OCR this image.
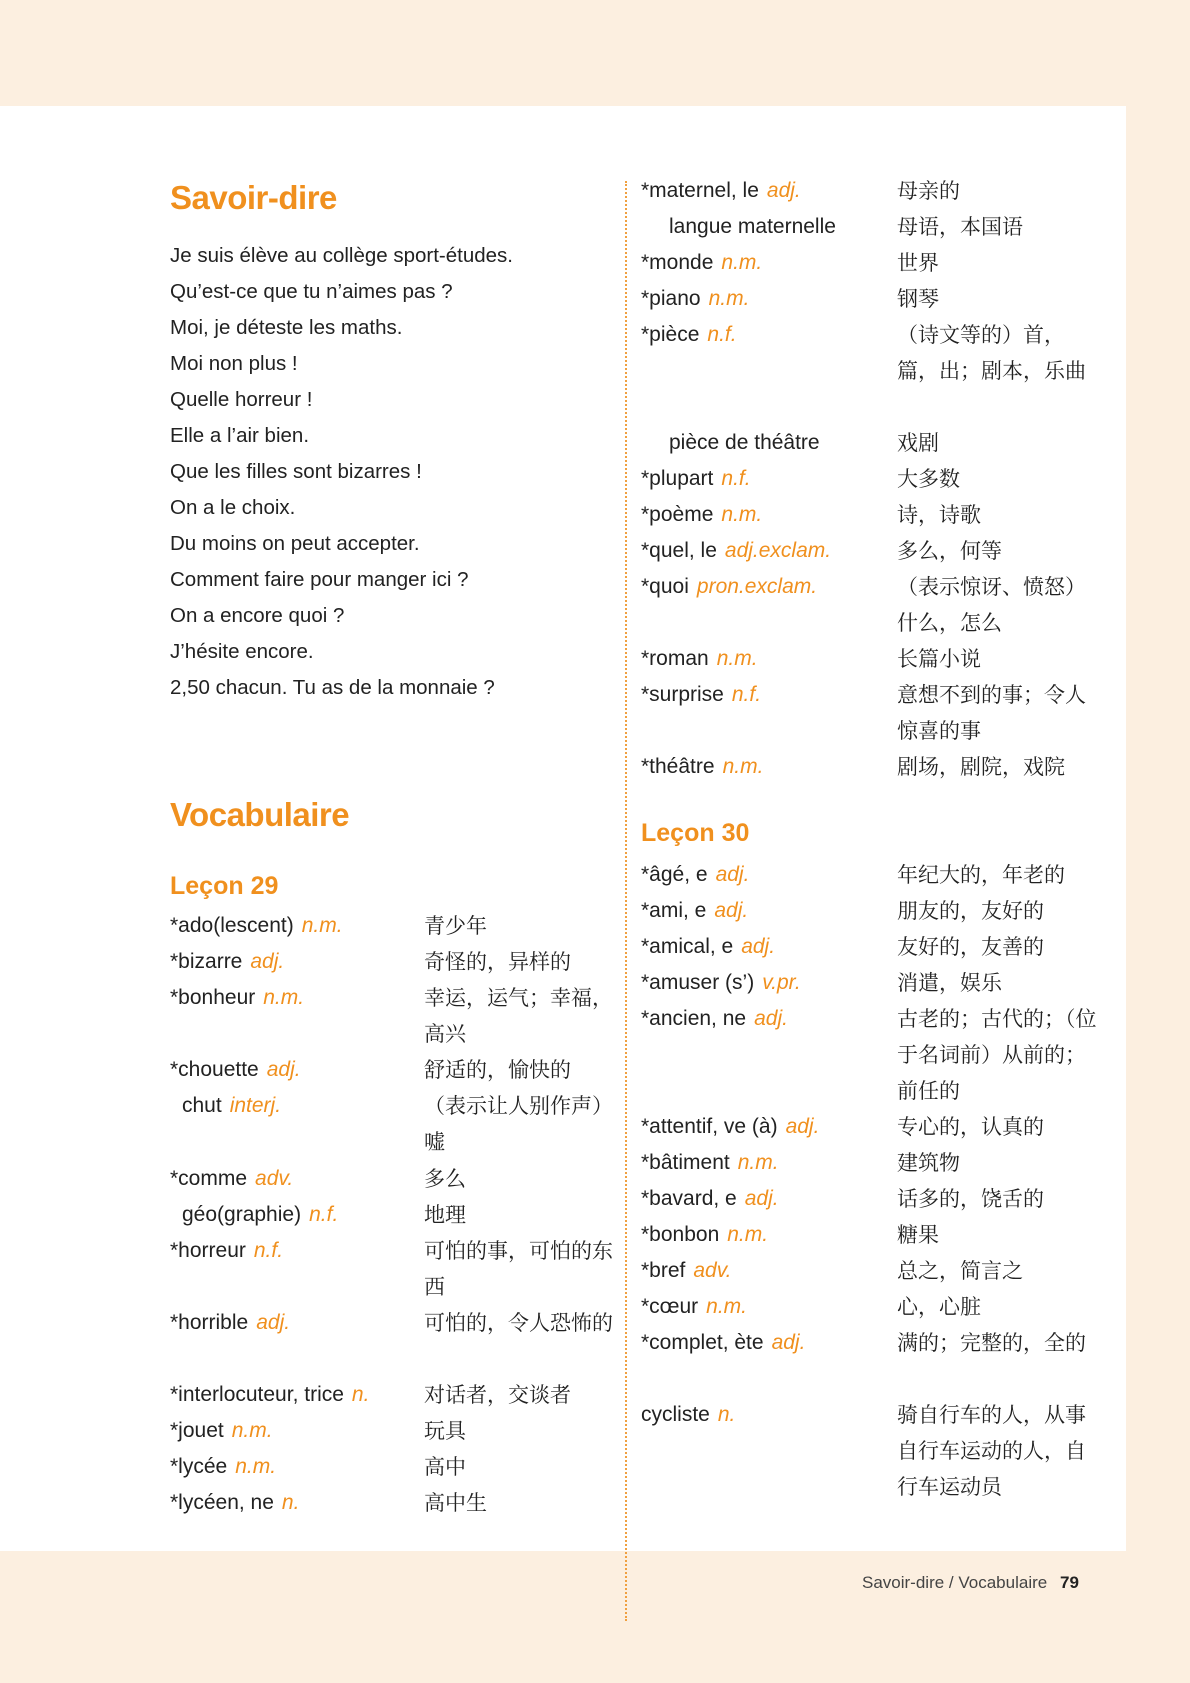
Savoir-dire
Je suis élève au collège sport-études.
Qu’est-ce que tu n’aimes pas ?
Moi, je déteste les maths.
Moi non plus !
Quelle horreur !
Elle a l’air bien.
Que les filles sont bizarres !
On a le choix.
Du moins on peut accepter.
Comment faire pour manger ici ?
On a encore quoi ?
J’hésite encore.
2,50 chacun. Tu as de la monnaie ?
Vocabulaire
Leçon 29
*ado(lescent) n.m.	青少年
*bizarre adj.	奇怪的，异样的
*bonheur n.m.	幸运，运气；幸福，高兴
*chouette adj.	舒适的，愉快的
chut interj.	（表示让人别作声）嘘
*comme adv.	多么
géo(graphie) n.f.	地理
*horreur n.f.	可怕的事，可怕的东西
*horrible adj.	可怕的，令人恐怖的
*interlocuteur, trice n.	对话者，交谈者
*jouet n.m.	玩具
*lycée n.m.	高中
*lycéen, ne n.	高中生
*maternel, le adj.	母亲的
langue maternelle	母语，本国语
*monde n.m.	世界
*piano n.m.	钢琴
*pièce n.f.	（诗文等的）首，篇，出；剧本，乐曲
pièce de théâtre	戏剧
*plupart n.f.	大多数
*poème n.m.	诗，诗歌
*quel, le adj.exclam.	多么，何等
*quoi pron.exclam.	（表示惊讶、愤怒）什么，怎么
*roman n.m.	长篇小说
*surprise n.f.	意想不到的事；令人惊喜的事
*théâtre n.m.	剧场，剧院，戏院
Leçon 30
*âgé, e adj.	年纪大的，年老的
*ami, e adj.	朋友的，友好的
*amical, e adj.	友好的，友善的
*amuser (s’) v.pr.	消遣，娱乐
*ancien, ne adj.	古老的；古代的；（位于名词前）从前的；前任的
*attentif, ve (à) adj.	专心的，认真的
*bâtiment n.m.	建筑物
*bavard, e adj.	话多的，饶舌的
*bonbon n.m.	糖果
*bref adv.	总之，简言之
*cœur n.m.	心，心脏
*complet, ète adj.	满的；完整的，全的
cycliste n.	骑自行车的人，从事自行车运动的人，自行车运动员
Savoir-dire / Vocabulaire 79
